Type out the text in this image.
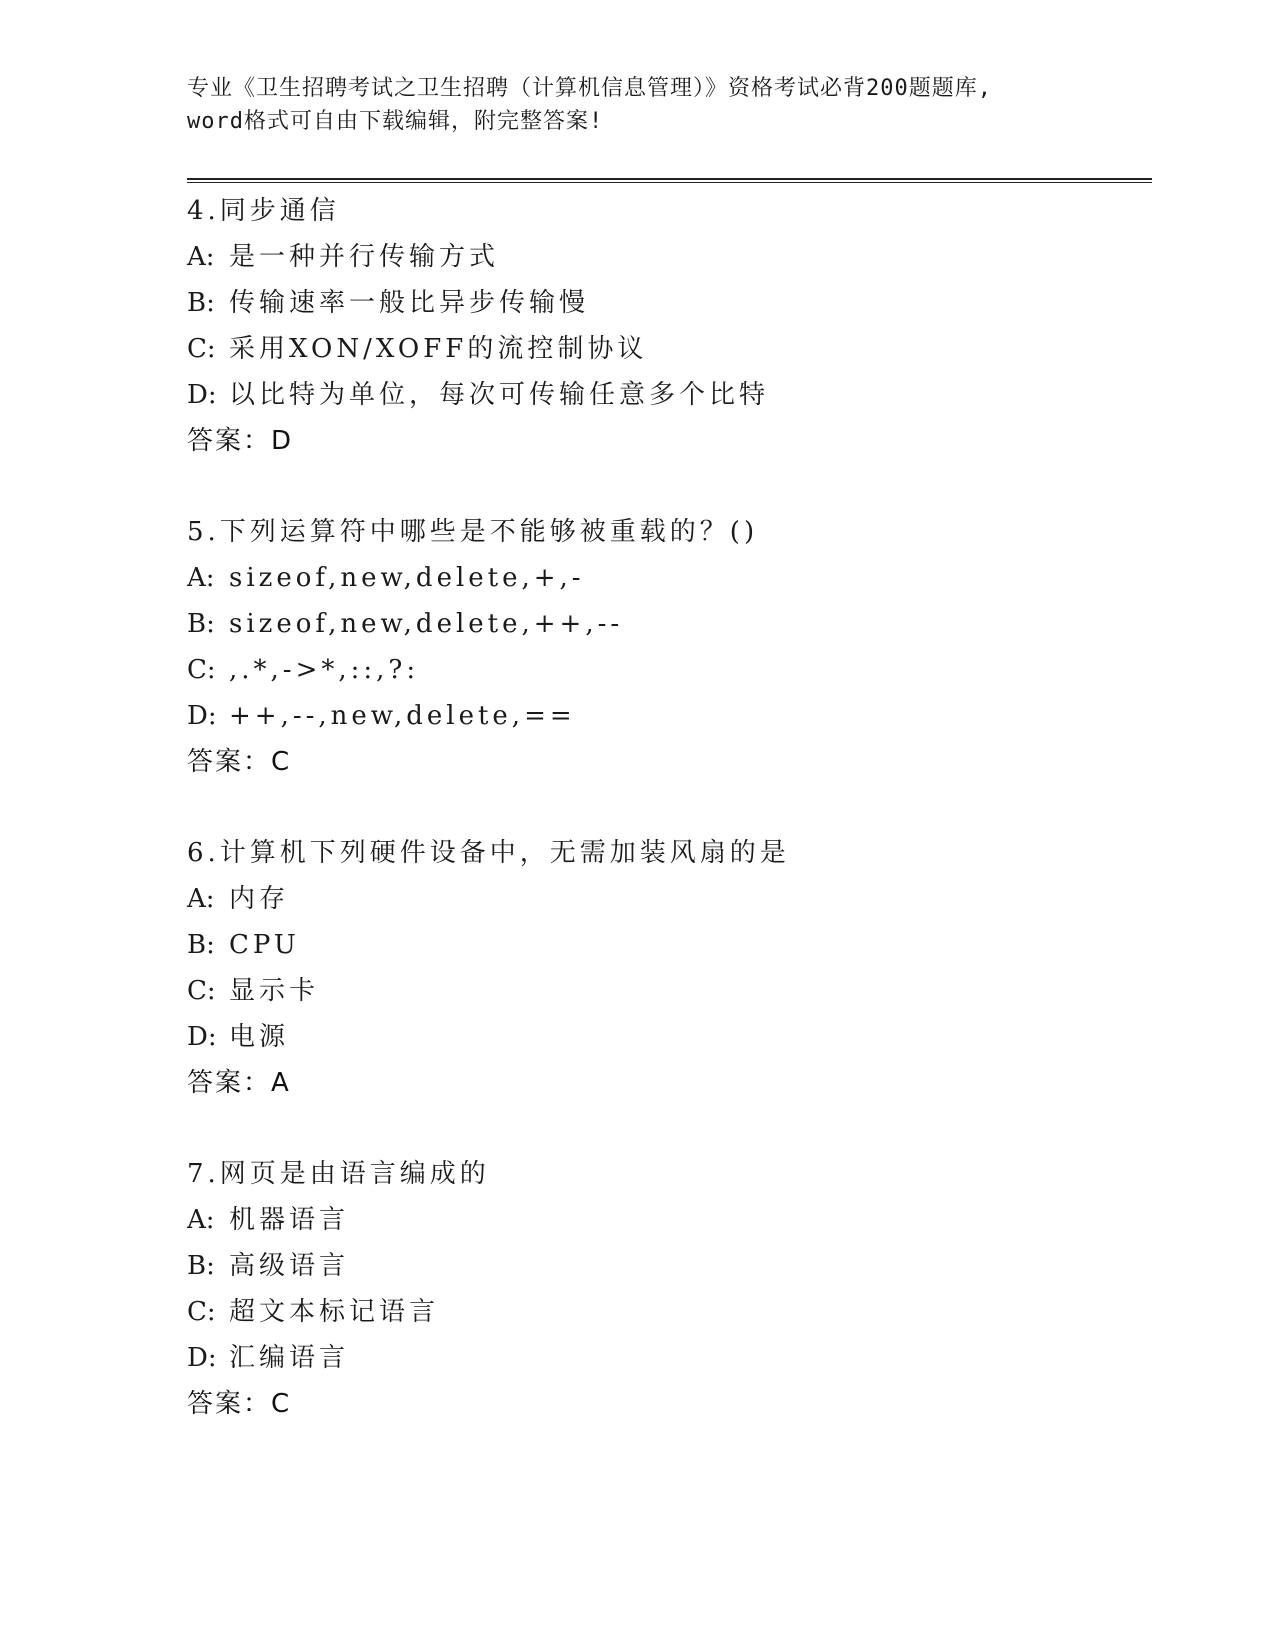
专业《卫生招聘考试之卫生招聘（计算机信息管理）》资格考试必背200题题库,
word格式可自由下载编辑，附完整答案!
4.同步通信
A: 是一种并行传输方式
B: 传输速率一般比异步传输慢
C: 采用XON/XOFF的流控制协议
D: 以比特为单位，每次可传输任意多个比特
答案：D
5.下列运算符中哪些是不能够被重载的？()
A: sizeof,new,delete,+,-
B: sizeof,new,delete,++,--
C: ,.*,->*,::,?:
D: ++,--,new,delete,==
答案：C
6.计算机下列硬件设备中，无需加装风扇的是
A: 内存
B: CPU
C: 显示卡
D: 电源
答案：A
7.网页是由语言编成的
A: 机器语言
B: 高级语言
C: 超文本标记语言
D: 汇编语言
答案：C
